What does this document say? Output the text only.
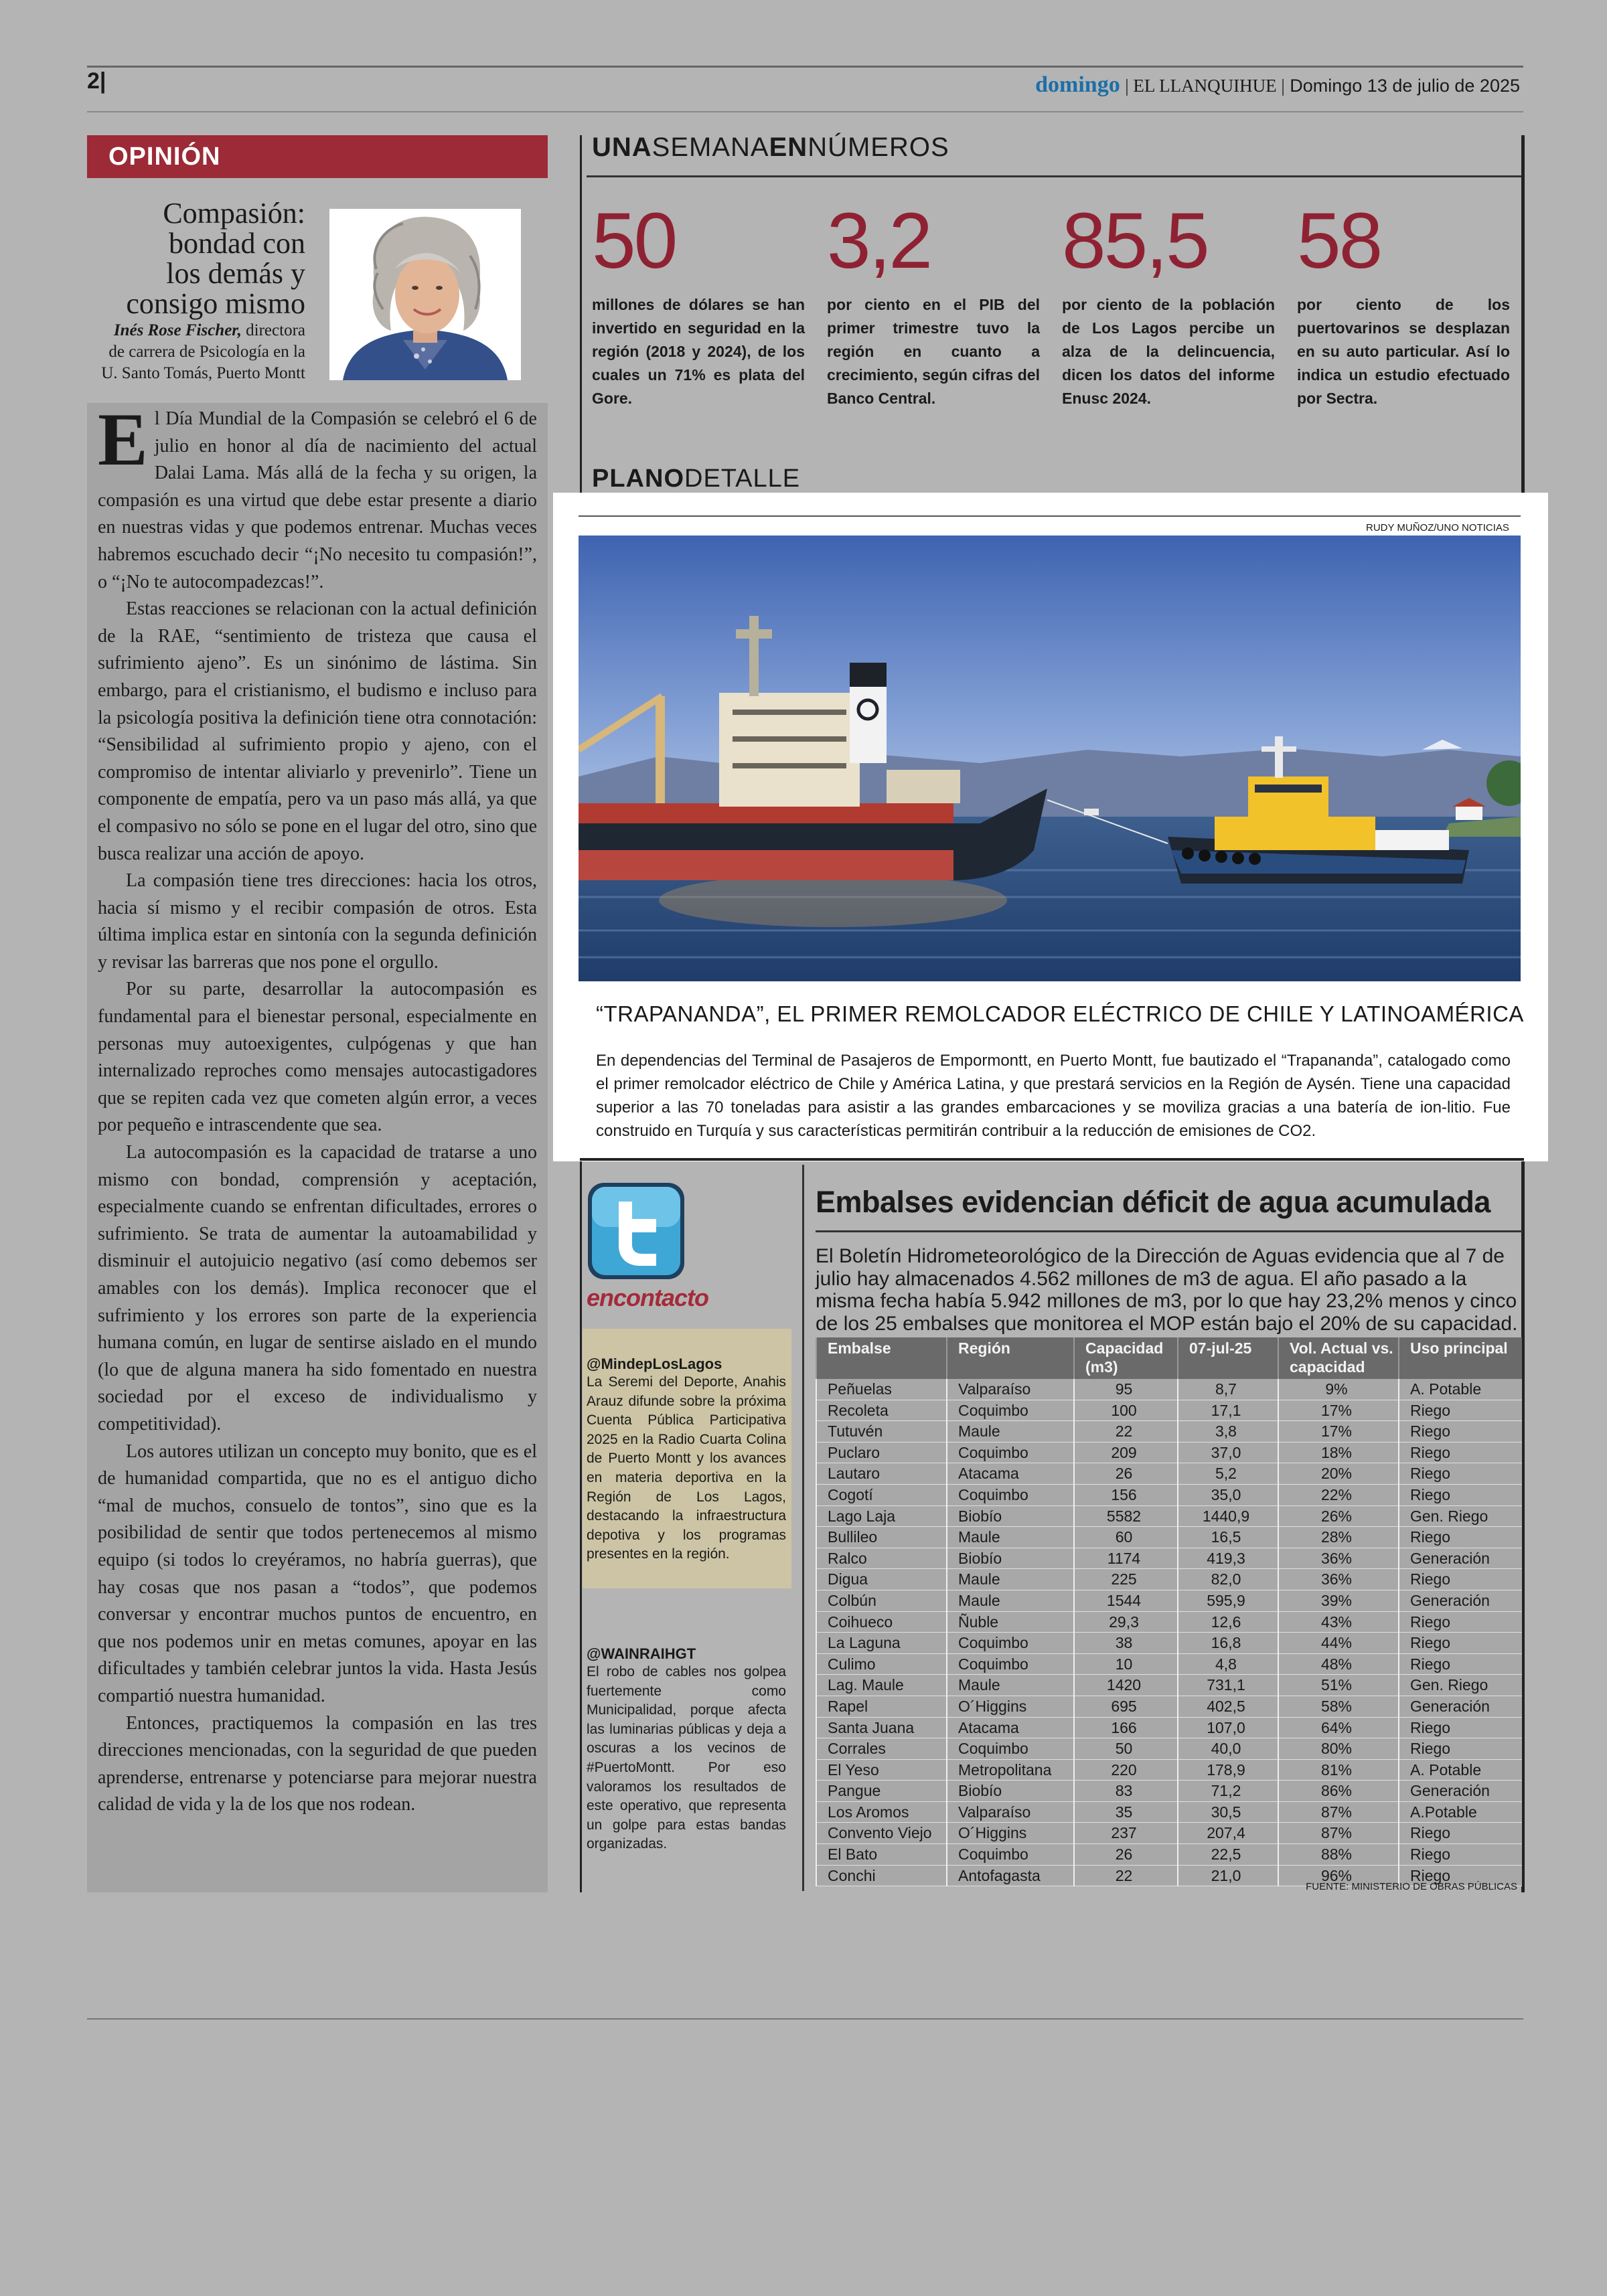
2|	domingo | EL LLANQUIHUE | Domingo 13 de julio de 2025
OPINIÓN
Compasión:
bondad con
los demás y
consigo mismo
Inés Rose Fischer, directora
de carrera de Psicología en la
U. Santo Tomás, Puerto Montt

El Día Mundial de la Compasión se celebró el 6 de julio en honor al día de nacimiento del actual Dalai Lama. Más allá de la fecha y su origen, la compasión es una virtud que debe estar presente a diario en nuestras vidas y que podemos entrenar. Muchas veces habremos escuchado decir “¡No necesito tu compasión!”, o “¡No te autocompadezcas!”.

Estas reacciones se relacionan con la actual definición de la RAE, “sentimiento de tristeza que causa el sufrimiento ajeno”. Es un sinónimo de lástima. Sin embargo, para el cristianismo, el budismo e incluso para la psicología positiva la definición tiene otra connotación: “Sensibilidad al sufrimiento propio y ajeno, con el compromiso de intentar aliviarlo y prevenirlo”. Tiene un componente de empatía, pero va un paso más allá, ya que el compasivo no sólo se pone en el lugar del otro, sino que busca realizar una acción de apoyo.

La compasión tiene tres direcciones: hacia los otros, hacia sí mismo y el recibir compasión de otros. Esta última implica estar en sintonía con la segunda definición y revisar las barreras que nos pone el orgullo.

Por su parte, desarrollar la autocompasión es fundamental para el bienestar personal, especialmente en personas muy autoexigentes, culpógenas y que han internalizado reproches como mensajes autocastigadores que se repiten cada vez que cometen algún error, a veces por pequeño e intrascendente que sea.

La autocompasión es la capacidad de tratarse a uno mismo con bondad, comprensión y aceptación, especialmente cuando se enfrentan dificultades, errores o sufrimiento. Se trata de aumentar la autoamabilidad y disminuir el autojuicio negativo (así como debemos ser amables con los demás). Implica reconocer que el sufrimiento y los errores son parte de la experiencia humana común, en lugar de sentirse aislado en el mundo (lo que de alguna manera ha sido fomentado en nuestra sociedad por el exceso de individualismo y competitividad).

Los autores utilizan un concepto muy bonito, que es el de humanidad compartida, que no es el antiguo dicho “mal de muchos, consuelo de tontos”, sino que es la posibilidad de sentir que todos pertenecemos al mismo equipo (si todos lo creyéramos, no habría guerras), que hay cosas que nos pasan a “todos”, que podemos conversar y encontrar muchos puntos de encuentro, en que nos podemos unir en metas comunes, apoyar en las dificultades y también celebrar juntos la vida. Hasta Jesús compartió nuestra humanidad.

Entonces, practiquemos la compasión en las tres direcciones mencionadas, con la seguridad de que pueden aprenderse, entrenarse y potenciarse para mejorar nuestra calidad de vida y la de los que nos rodean.

UNASEMANAENNÚMEROS
50
millones de dólares se han invertido en seguridad en la región (2018 y 2024), de los cuales un 71% es plata del Gore.
3,2
por ciento en el PIB del primer trimestre tuvo la región en cuanto a crecimiento, según cifras del Banco Central.
85,5
por ciento de la población de Los Lagos percibe un alza de la delincuencia, dicen los datos del informe Enusc 2024.
58
por ciento de los puertovarinos se desplazan en su auto particular. Así lo indica un estudio efectuado por Sectra.
PLANODETALLE
RUDY MUÑOZ/UNO NOTICIAS
“TRAPANANDA”, EL PRIMER REMOLCADOR ELÉCTRICO DE CHILE Y LATINOAMÉRICA
En dependencias del Terminal de Pasajeros de Empormontt, en Puerto Montt, fue bautizado el “Trapananda”, catalogado como el primer remolcador eléctrico de Chile y América Latina, y que prestará servicios en la Región de Aysén. Tiene una capacidad superior a las 70 toneladas para asistir a las grandes embarcaciones y se moviliza gracias a una batería de ion-litio. Fue construido en Turquía y sus características permitirán contribuir a la reducción de emisiones de CO2.
encontacto
@MindepLosLagos
La Seremi del Deporte, Anahis Arauz difunde sobre la próxima Cuenta Pública Participativa 2025 en la Radio Cuarta Colina de Puerto Montt y los avances en materia deportiva en la Región de Los Lagos, destacando la infraestructura depotiva y los programas presentes en la región.
@WAINRAIHGT
El robo de cables nos golpea fuertemente como Municipalidad, porque afecta las luminarias públicas y deja a oscuras a los vecinos de #PuertoMontt. Por eso valoramos los resultados de este operativo, que representa un golpe para estas bandas organizadas.
Embalses evidencian déficit de agua acumulada
El Boletín Hidrometeorológico de la Dirección de Aguas evidencia que al 7 de julio hay almacenados 4.562 millones de m3 de agua. El año pasado a la misma fecha había 5.942 millones de m3, por lo que hay 23,2% menos y cinco de los 25 embalses que monitorea el MOP están bajo el 20% de su capacidad.
Embalse	Región	Capacidad (m3)	07-jul-25	Vol. Actual vs. capacidad	Uso principal
Peñuelas	Valparaíso	95	8,7	9%	A. Potable
Recoleta	Coquimbo	100	17,1	17%	Riego
Tutuvén	Maule	22	3,8	17%	Riego
Puclaro	Coquimbo	209	37,0	18%	Riego
Lautaro	Atacama	26	5,2	20%	Riego
Cogotí	Coquimbo	156	35,0	22%	Riego
Lago Laja	Biobío	5582	1440,9	26%	Gen. Riego
Bullileo	Maule	60	16,5	28%	Riego
Ralco	Biobío	1174	419,3	36%	Generación
Digua	Maule	225	82,0	36%	Riego
Colbún	Maule	1544	595,9	39%	Generación
Coihueco	Ñuble	29,3	12,6	43%	Riego
La Laguna	Coquimbo	38	16,8	44%	Riego
Culimo	Coquimbo	10	4,8	48%	Riego
Lag. Maule	Maule	1420	731,1	51%	Gen. Riego
Rapel	O´Higgins	695	402,5	58%	Generación
Santa Juana	Atacama	166	107,0	64%	Riego
Corrales	Coquimbo	50	40,0	80%	Riego
El Yeso	Metropolitana	220	178,9	81%	A. Potable
Pangue	Biobío	83	71,2	86%	Generación
Los Aromos	Valparaíso	35	30,5	87%	A.Potable
Convento Viejo	O´Higgins	237	207,4	87%	Riego
El Bato	Coquimbo	26	22,5	88%	Riego
Conchi	Antofagasta	22	21,0	96%	Riego
FUENTE: MINISTERIO DE OBRAS PÚBLICAS
